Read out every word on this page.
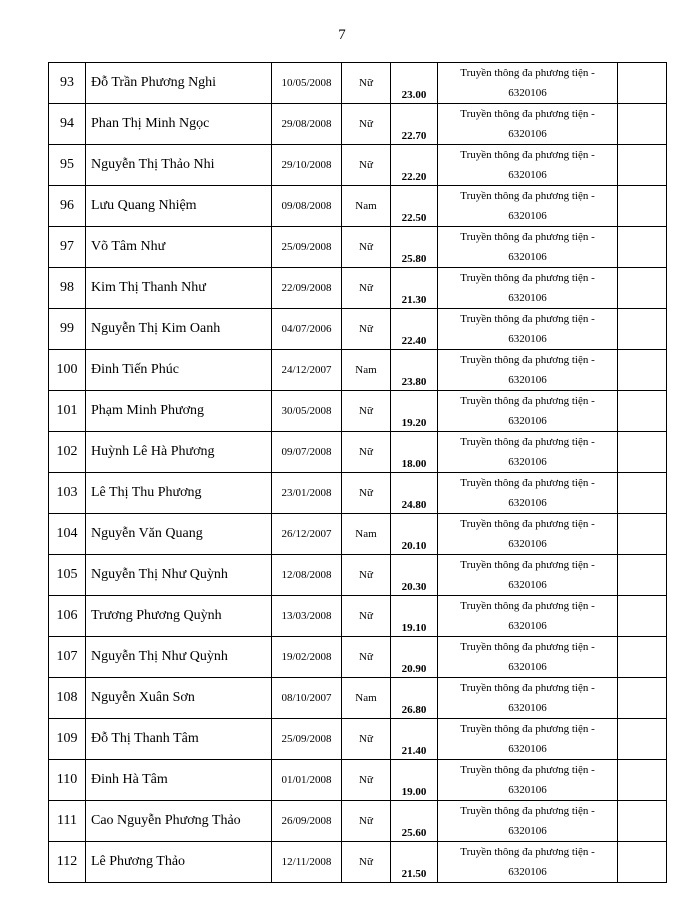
7
93	Đỗ Trần Phương Nghi	10/05/2008	Nữ	23.00	Truyền thông đa phương tiện -
6320106	

94	Phan Thị Minh Ngọc	29/08/2008	Nữ	22.70	Truyền thông đa phương tiện -
6320106	

95	Nguyễn Thị Thảo Nhi	29/10/2008	Nữ	22.20	Truyền thông đa phương tiện -
6320106	

96	Lưu Quang Nhiệm	09/08/2008	Nam	22.50	Truyền thông đa phương tiện -
6320106	

97	Võ Tâm Như	25/09/2008	Nữ	25.80	Truyền thông đa phương tiện -
6320106	

98	Kim Thị Thanh Như	22/09/2008	Nữ	21.30	Truyền thông đa phương tiện -
6320106	

99	Nguyễn Thị Kim Oanh	04/07/2006	Nữ	22.40	Truyền thông đa phương tiện -
6320106	

100	Đinh Tiến Phúc	24/12/2007	Nam	23.80	Truyền thông đa phương tiện -
6320106	

101	Phạm Minh Phương	30/05/2008	Nữ	19.20	Truyền thông đa phương tiện -
6320106	

102	Huỳnh Lê Hà Phương	09/07/2008	Nữ	18.00	Truyền thông đa phương tiện -
6320106	

103	Lê Thị Thu Phương	23/01/2008	Nữ	24.80	Truyền thông đa phương tiện -
6320106	

104	Nguyễn Văn Quang	26/12/2007	Nam	20.10	Truyền thông đa phương tiện -
6320106	

105	Nguyễn Thị Như Quỳnh	12/08/2008	Nữ	20.30	Truyền thông đa phương tiện -
6320106	

106	Trương Phương Quỳnh	13/03/2008	Nữ	19.10	Truyền thông đa phương tiện -
6320106	

107	Nguyễn Thị Như Quỳnh	19/02/2008	Nữ	20.90	Truyền thông đa phương tiện -
6320106	

108	Nguyễn Xuân Sơn	08/10/2007	Nam	26.80	Truyền thông đa phương tiện -
6320106	

109	Đỗ Thị Thanh Tâm	25/09/2008	Nữ	21.40	Truyền thông đa phương tiện -
6320106	

110	Đinh Hà Tâm	01/01/2008	Nữ	19.00	Truyền thông đa phương tiện -
6320106	

111	Cao Nguyễn Phương Thảo	26/09/2008	Nữ	25.60	Truyền thông đa phương tiện -
6320106	

112	Lê Phương Thảo	12/11/2008	Nữ	21.50	Truyền thông đa phương tiện -
6320106	
